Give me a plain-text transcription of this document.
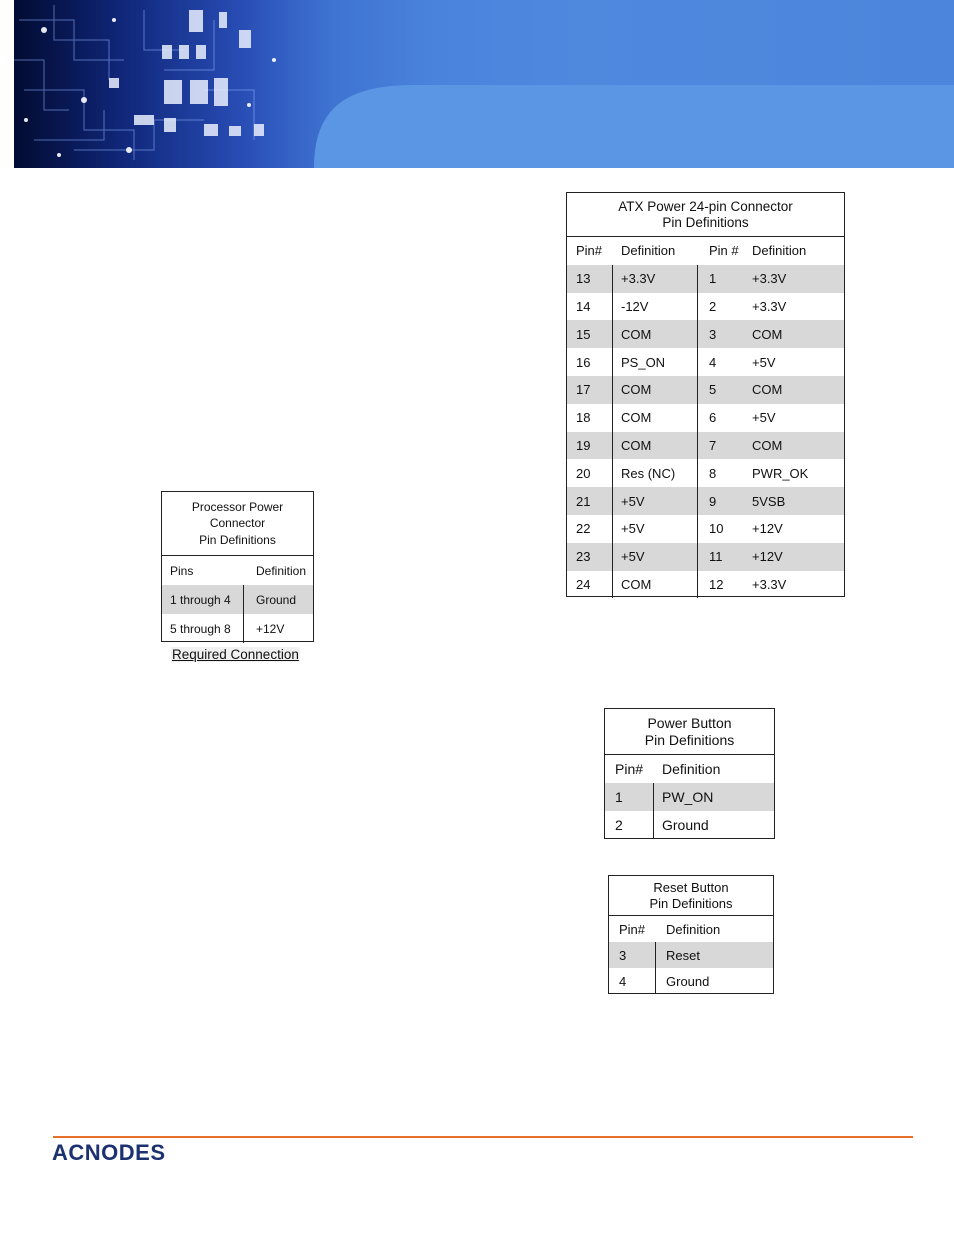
Processor Power
Connector
Pin Definitions
Pins	Definition
1 through 4	Ground
5 through 8	+12V
Required Connection
ATX Power 24-pin Connector
Pin Definitions
Pin#	Definition	Pin #	Definition
13	+3.3V	1	+3.3V
14	-12V	2	+3.3V
15	COM	3	COM
16	PS_ON	4	+5V
17	COM	5	COM
18	COM	6	+5V
19	COM	7	COM
20	Res (NC)	8	PWR_OK
21	+5V	9	5VSB
22	+5V	10	+12V
23	+5V	11	+12V
24	COM	12	+3.3V
Power Button
Pin Definitions
Pin#	Definition
1	PW_ON
2	Ground
Reset Button
Pin Definitions
Pin#	Definition
3	Reset
4	Ground
ACNODES
